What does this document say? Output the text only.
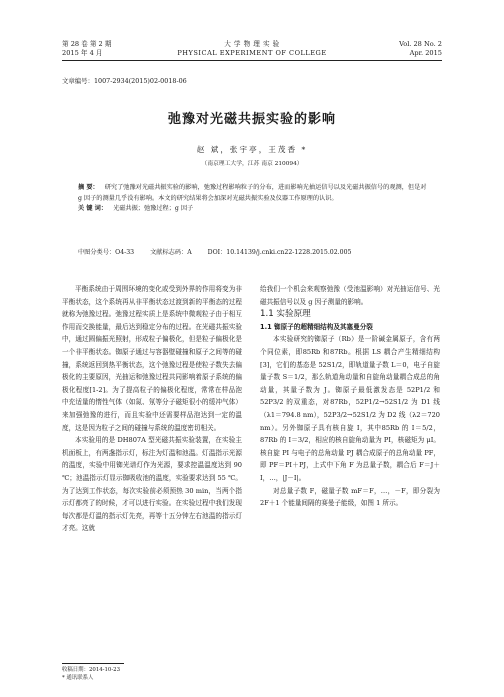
第 28 卷 第 2 期
2015 年 4 月
大 学 物 理 实 验
PHYSICAL EXPERIMENT OF COLLEGE
Vol. 28 No. 2
Apr. 2015
文章编号：1007-2934(2015)02-0018-06
弛豫对光磁共振实验的影响
赵 斌，张宇亭，王茂香 *
（南京理工大学，江苏 南京 210094）
摘 要： 研究了弛豫对光磁共振实验的影响，弛豫过程影响粒子的分布，进而影响光抽运信号以及光磁共振信号的观测，但是对 g 因子的测量几乎没有影响。本文的研究结果将会加深对光磁共振实验及仪器工作原理的认识。
关 键 词： 光磁共振；弛豫过程；g 因子
中图分类号：O4-33	文献标志码：A	DOI：10.14139/j.cnki.cn22-1228.2015.02.005

平衡系统由于周围环境的变化或受到外界的作用将变为非平衡状态，这个系统再从非平衡状态过渡到新的平衡态的过程就称为弛豫过程。弛豫过程实质上是系统中微观粒子由于相互作用而交换能量，最后达到稳定分布的过程。在光磁共振实验中，通过圆偏振光照射，形成粒子偏极化，但是粒子偏极化是一个非平衡状态。铷原子通过与容器壁碰撞和原子之间等的碰撞，系统返回到热平衡状态，这个弛豫过程是使粒子数失去偏极化的主要原因，光抽运和弛豫过程共同影响着原子系统的偏极化程度[1-2]。为了提高粒子的偏极化程度，常常在样品泡中充适量的惰性气体（如氮、氖等分子磁矩很小的缓冲气体）来加强弛豫的进行，而且实验中还需要样品泡达到一定的温度，这是因为粒子之间的碰撞与系统的温度密切相关。

本实验用的是 DH807A 型光磁共振实验装置，在实验主机面板上，有两盏指示灯，标注为灯温和池温。灯温指示光源的温度，实验中用铷光谱灯作为光源，要求控温温度达到 90 ℃；池温指示灯显示铷吸收池的温度，实验要求达到 55 ℃。为了达到工作状态，每次实验前必须预热 30 min，当两个指示灯都亮了的时候，才可以进行实验。在实验过程中我们发现每次都是灯温的指示灯先亮，再等十五分钟左右池温的指示灯才亮。这就

给我们一个机会来观察弛豫（受池温影响）对光抽运信号、光磁共振信号以及 g 因子测量的影响。

1.1 实验原理

1.1 铷原子的超精细结构及其塞曼分裂

本实验研究的铷原子（Rb）是一阶碱金属原子，含有两个同位素，即85Rb 和87Rb。根据 LS 耦合产生精细结构[3]，它们的基态是 52S1/2，即轨道量子数 L＝0，电子自旋量子数 S＝1/2，那么轨道角动量和自旋角动量耦合成总的角动量，其量子数为 J。铷原子最低激发态是 52P1/2 和 52P3/2 的双重态，对87Rb，52P1/2→52S1/2 为 D1 线（λ1＝794.8 nm），52P3/2→52S1/2 为 D2 线（λ2＝720 nm）。另外铷原子具有核自旋 I，其中85Rb 的 I＝5/2，87Rb 的 I＝3/2，相应的核自旋角动量为 PI，核磁矩为 μI。核自旋 PI 与电子的总角动量 PJ 耦合成原子的总角动量 PF，即 PF＝PI＋PJ，上式中下角 F 为总量子数，耦合后 F＝J＋I，…，|J－I|。

对总量子数 F，磁量子数 mF＝F，…，－F，即分裂为 2F＋1 个能量间隔的赛曼子能级，如图 1 所示。

收稿日期：2014-10-23
* 通讯联系人
